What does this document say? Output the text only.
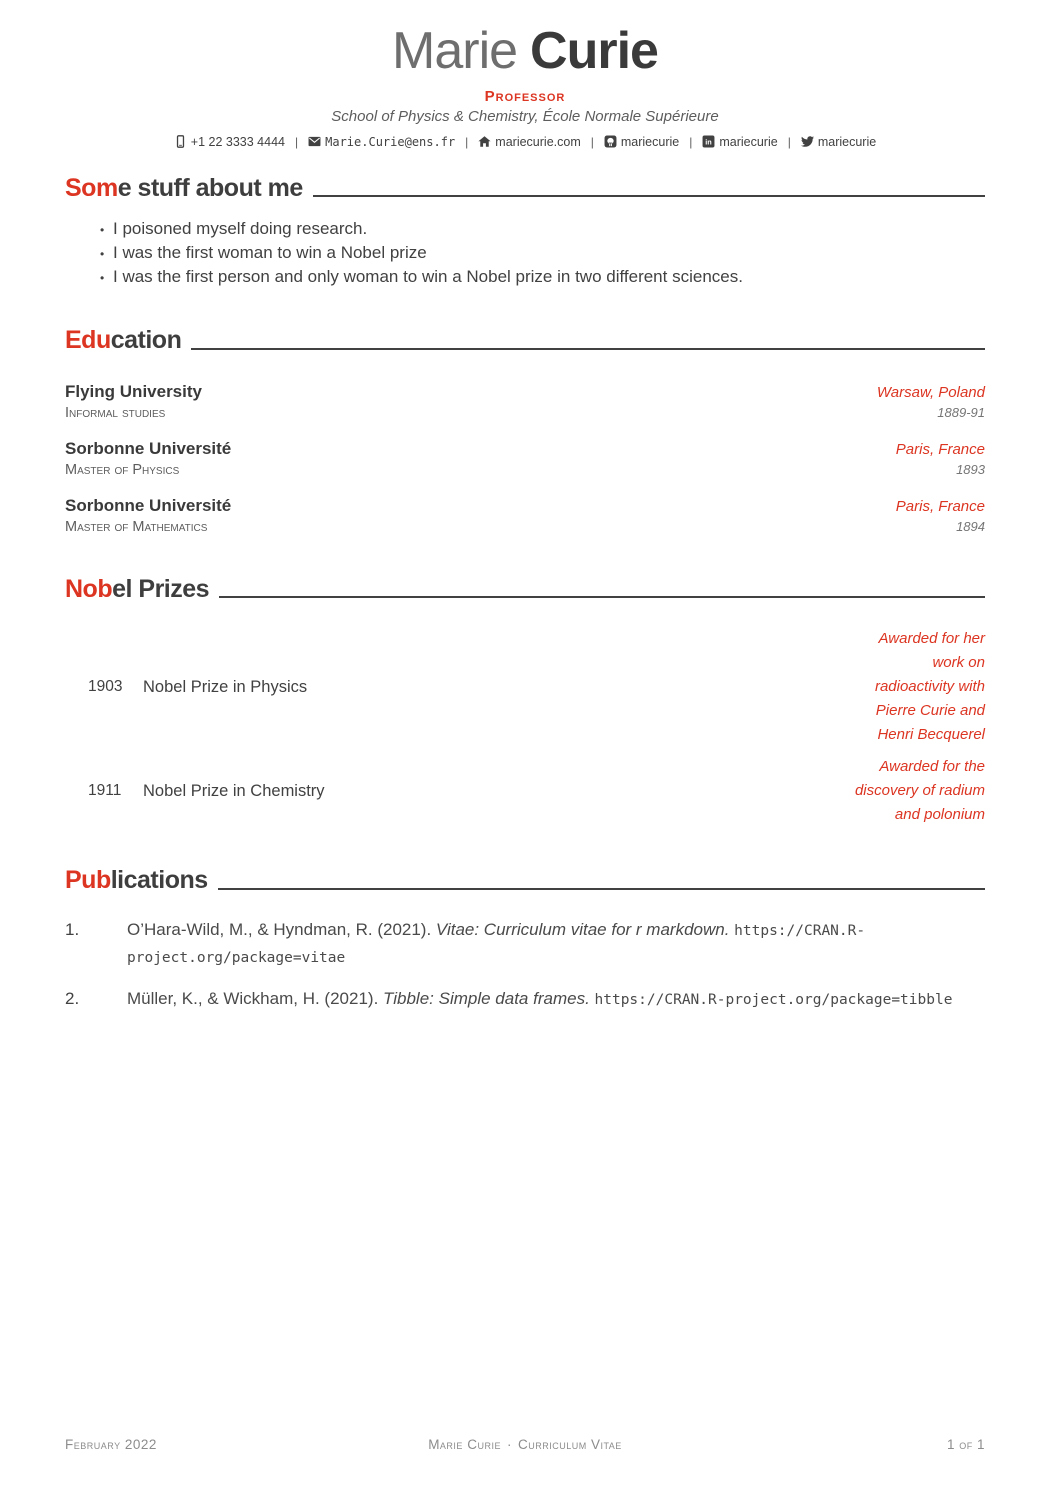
Marie Curie
Professor
School of Physics & Chemistry, École Normale Supérieure
+1 22 3333 4444 | Marie.Curie@ens.fr | mariecurie.com | mariecurie | in mariecurie | mariecurie
Some stuff about me
• I poisoned myself doing research.
• I was the first woman to win a Nobel prize
• I was the first person and only woman to win a Nobel prize in two different sciences.
Education
Flying University	Warsaw, Poland
Informal studies	1889-91
Sorbonne Université	Paris, France
Master of Physics	1893
Sorbonne Université	Paris, France
Master of Mathematics	1894
Nobel Prizes
1903	Nobel Prize in Physics
Awarded for her work on radioactivity with Pierre Curie and Henri Becquerel
1911	Nobel Prize in Chemistry
Awarded for the discovery of radium and polonium
Publications
1.	O’Hara-Wild, M., & Hyndman, R. (2021). Vitae: Curriculum vitae for r markdown. https://CRAN.R-project.org/package=vitae
2.	Müller, K., & Wickham, H. (2021). Tibble: Simple data frames. https://CRAN.R-project.org/package=tibble
February 2022	Marie Curie · Curriculum Vitae	1 of 1
